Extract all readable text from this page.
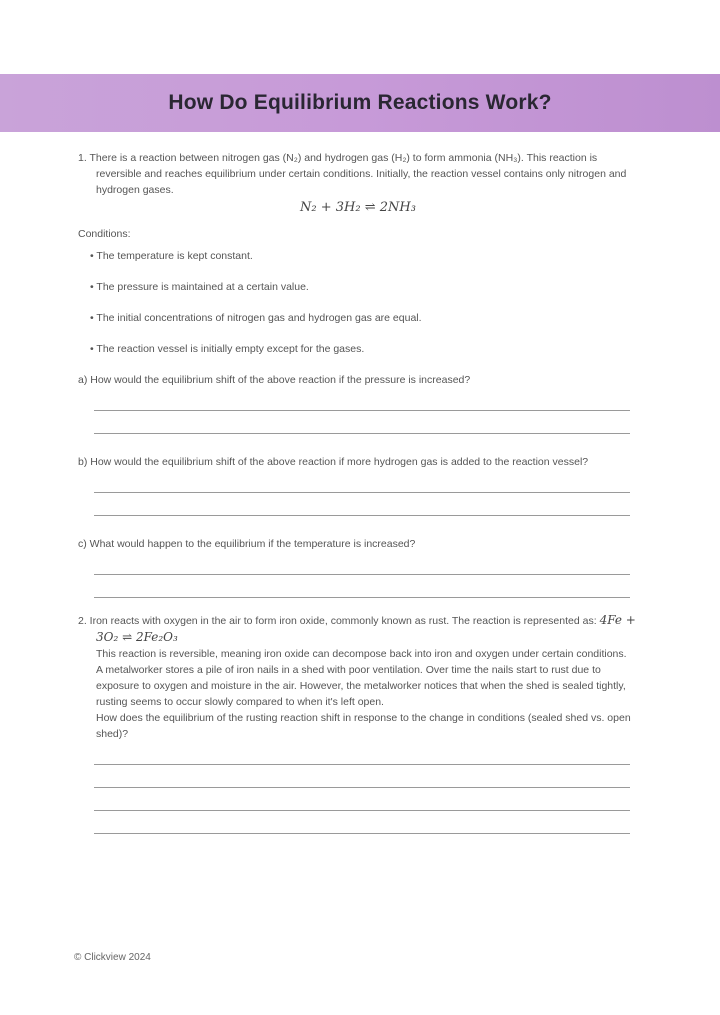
How Do Equilibrium Reactions Work?

1. There is a reaction between nitrogen gas (N₂) and hydrogen gas (H₂) to form ammonia (NH₃). This reaction is reversible and reaches equilibrium under certain conditions. Initially, the reaction vessel contains only nitrogen and hydrogen gases.

N₂ + 3H₂ ⇌ 2NH₃

Conditions:

• The temperature is kept constant.
• The pressure is maintained at a certain value.
• The initial concentrations of nitrogen gas and hydrogen gas are equal.
• The reaction vessel is initially empty except for the gases.

a) How would the equilibrium shift of the above reaction if the pressure is increased?

b) How would the equilibrium shift of the above reaction if more hydrogen gas is added to the reaction vessel?

c) What would happen to the equilibrium if the temperature is increased?

2. Iron reacts with oxygen in the air to form iron oxide, commonly known as rust. The reaction is represented as: 4Fe + 3O₂ ⇌ 2Fe₂O₃

This reaction is reversible, meaning iron oxide can decompose back into iron and oxygen under certain conditions.

A metalworker stores a pile of iron nails in a shed with poor ventilation. Over time the nails start to rust due to exposure to oxygen and moisture in the air. However, the metalworker notices that when the shed is sealed tightly, rusting seems to occur slowly compared to when it's left open.

How does the equilibrium of the rusting reaction shift in response to the change in conditions (sealed shed vs. open shed)?

© Clickview 2024
